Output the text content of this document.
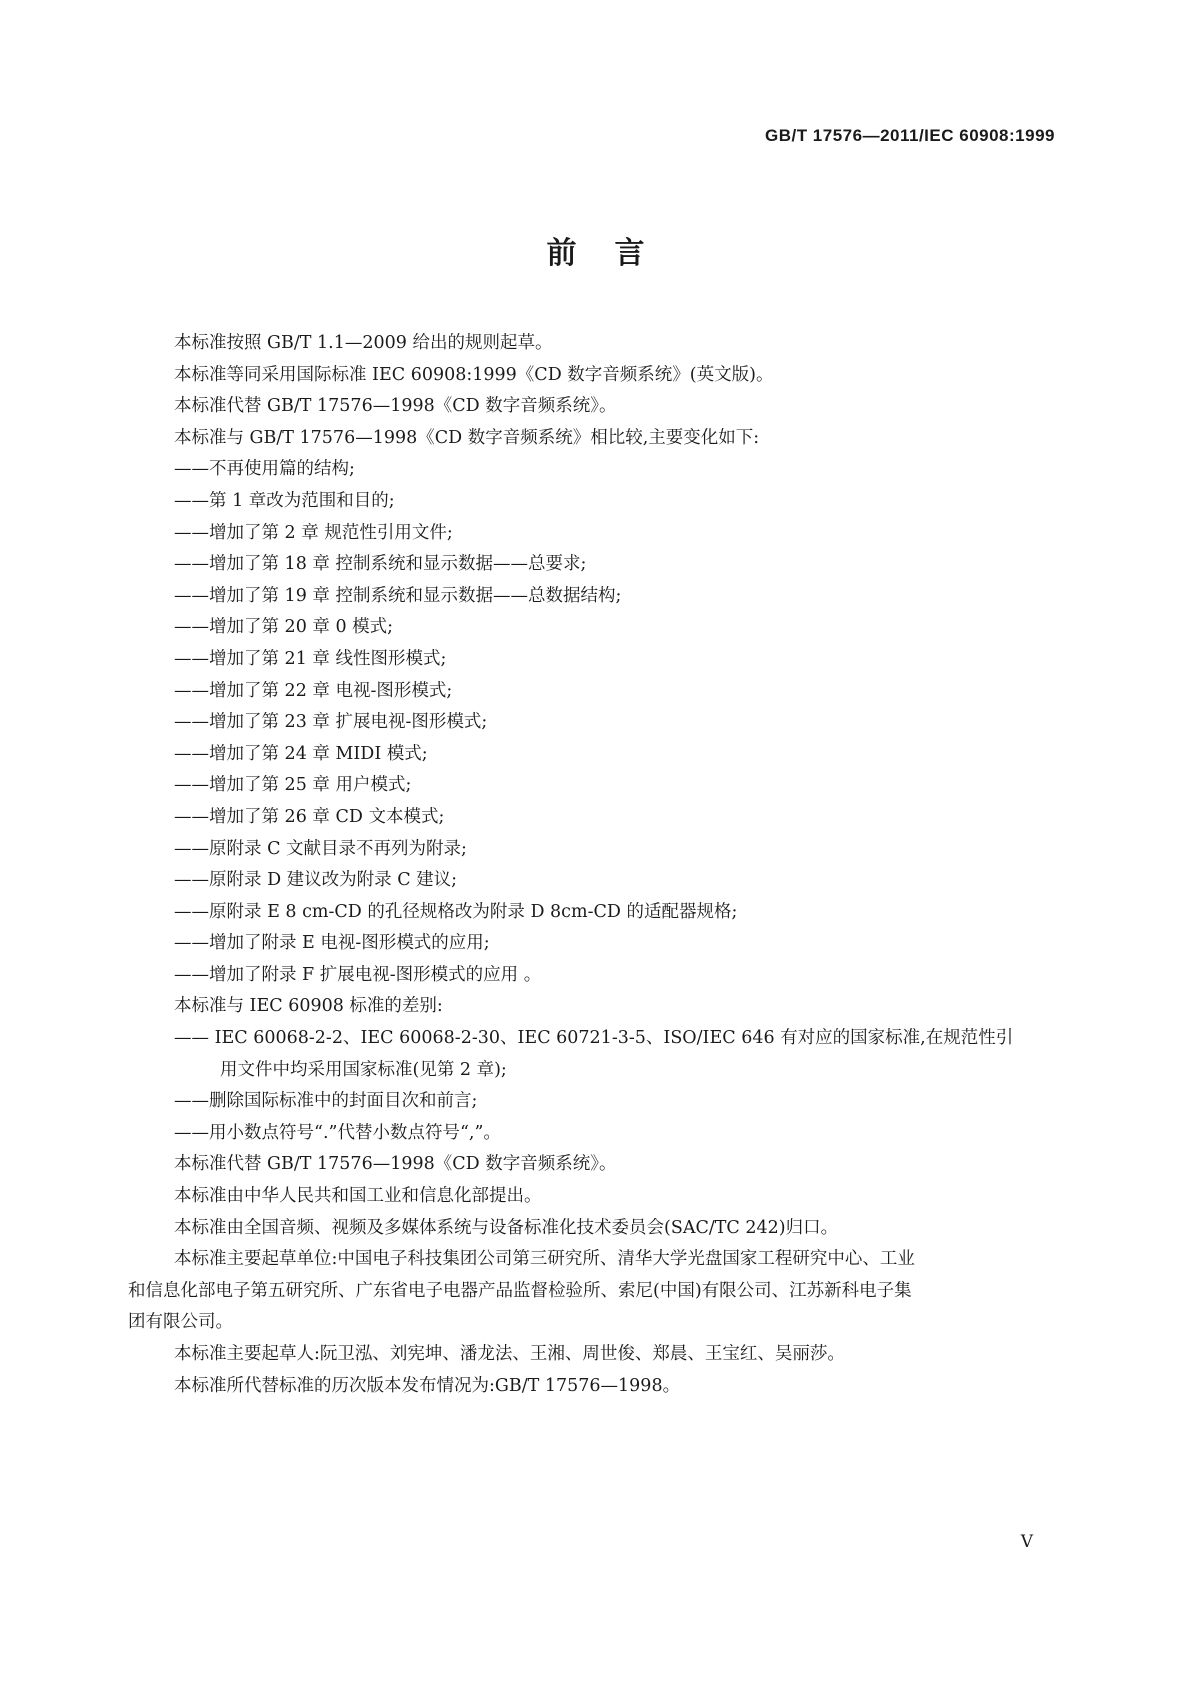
GB/T 17576—2011/IEC 60908:1999
前言
本标准按照 GB/T 1.1—2009 给出的规则起草。
本标准等同采用国际标准 IEC 60908:1999《CD 数字音频系统》(英文版)。
本标准代替 GB/T 17576—1998《CD 数字音频系统》。
本标准与 GB/T 17576—1998《CD 数字音频系统》相比较,主要变化如下:
——不再使用篇的结构;
——第 1 章改为范围和目的;
——增加了第 2 章 规范性引用文件;
——增加了第 18 章 控制系统和显示数据——总要求;
——增加了第 19 章 控制系统和显示数据——总数据结构;
——增加了第 20 章 0 模式;
——增加了第 21 章 线性图形模式;
——增加了第 22 章 电视-图形模式;
——增加了第 23 章 扩展电视-图形模式;
——增加了第 24 章 MIDI 模式;
——增加了第 25 章 用户模式;
——增加了第 26 章 CD 文本模式;
——原附录 C 文献目录不再列为附录;
——原附录 D 建议改为附录 C 建议;
——原附录 E 8 cm-CD 的孔径规格改为附录 D 8cm-CD 的适配器规格;
——增加了附录 E 电视-图形模式的应用;
——增加了附录 F 扩展电视-图形模式的应用 。
本标准与 IEC 60908 标准的差别:
—— IEC 60068-2-2、IEC 60068-2-30、IEC 60721-3-5、ISO/IEC 646 有对应的国家标准,在规范性引
用文件中均采用国家标准(见第 2 章);
——删除国际标准中的封面目次和前言;
——用小数点符号“.”代替小数点符号“,”。
本标准代替 GB/T 17576—1998《CD 数字音频系统》。
本标准由中华人民共和国工业和信息化部提出。
本标准由全国音频、视频及多媒体系统与设备标准化技术委员会(SAC/TC 242)归口。
本标准主要起草单位:中国电子科技集团公司第三研究所、清华大学光盘国家工程研究中心、工业
和信息化部电子第五研究所、广东省电子电器产品监督检验所、索尼(中国)有限公司、江苏新科电子集
团有限公司。
本标准主要起草人:阮卫泓、刘宪坤、潘龙法、王湘、周世俊、郑晨、王宝红、吴丽莎。
本标准所代替标准的历次版本发布情况为:GB/T 17576—1998。
V
